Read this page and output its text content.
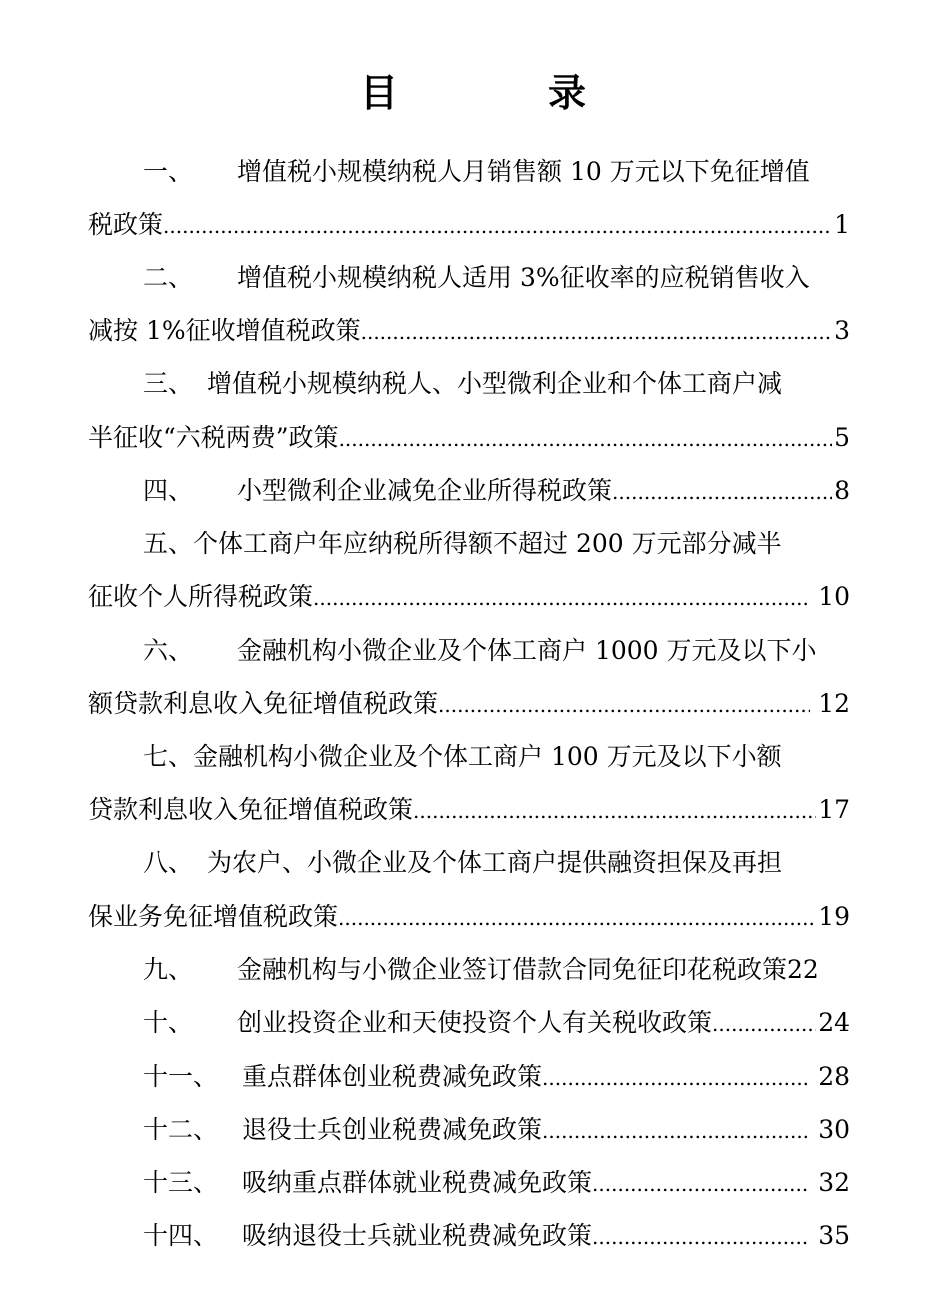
目　录
一、 增值税小规模纳税人月销售额 10 万元以下免征增值
税政策 .....	1
二、 增值税小规模纳税人适用 3%征收率的应税销售收入
减按 1%征收增值税政策 .....	3
三、 增值税小规模纳税人、小型微利企业和个体工商户减
半征收“六税两费”政策 .....	5
四、 小型微利企业减免企业所得税政策 .....	8
五、 个体工商户年应纳税所得额不超过 200 万元部分减半
征收个人所得税政策 .....	10
六、 金融机构小微企业及个体工商户 1000 万元及以下小
额贷款利息收入免征增值税政策 .....	12
七、 金融机构小微企业及个体工商户 100 万元及以下小额
贷款利息收入免征增值税政策 .....	17
八、 为农户、小微企业及个体工商户提供融资担保及再担
保业务免征增值税政策 .....	19
九、 金融机构与小微企业签订借款合同免征印花税政策 22
十、 创业投资企业和天使投资个人有关税收政策 .....	24
十一、 重点群体创业税费减免政策 .....	28
十二、 退役士兵创业税费减免政策 .....	30
十三、 吸纳重点群体就业税费减免政策 .....	32
十四、 吸纳退役士兵就业税费减免政策 .....	35
